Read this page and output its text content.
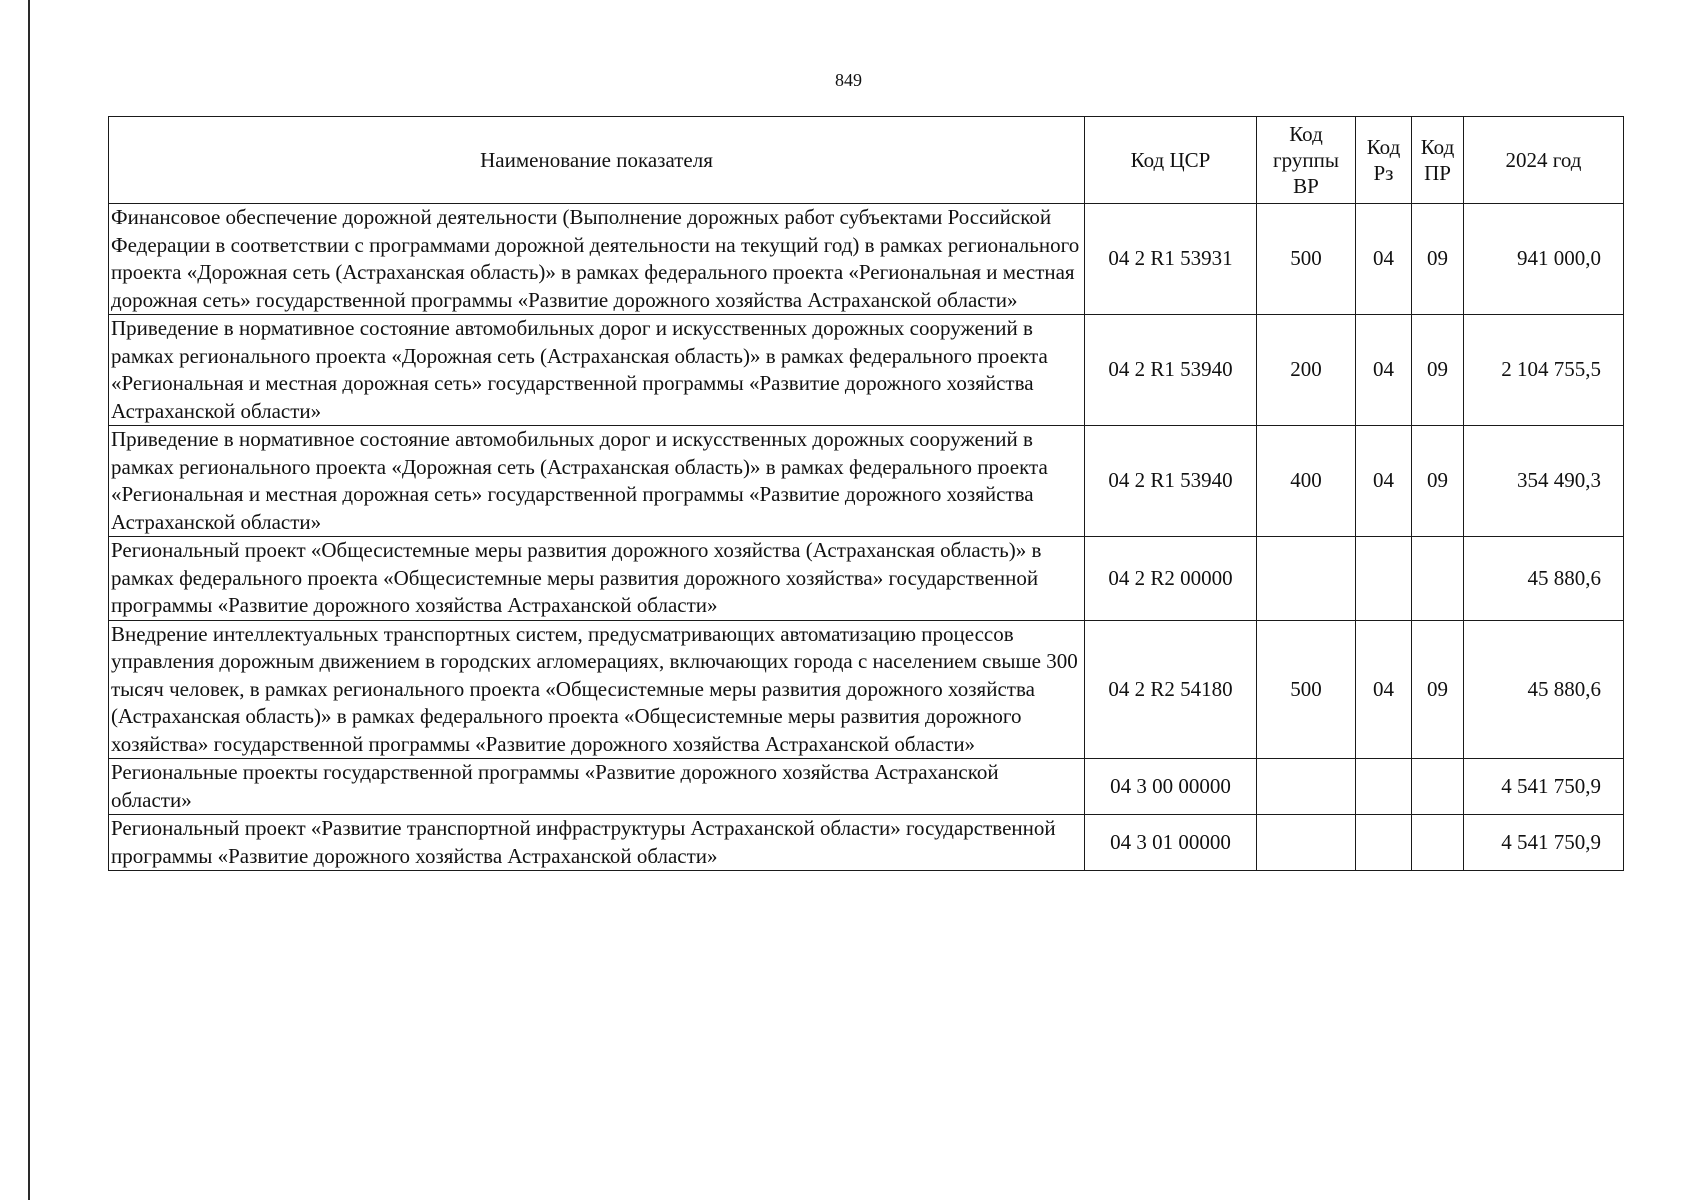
849
Наименование показателя	Код ЦСР	Код группы ВР	Код Рз	Код ПР	2024 год
Финансовое обеспечение дорожной деятельности (Выполнение дорожных работ субъектами Российской Федерации в соответствии с программами дорожной деятельности на текущий год) в рамках регионального проекта «Дорожная сеть (Астраханская область)» в рамках федерального проекта «Региональная и местная дорожная сеть» государственной программы «Развитие дорожного хозяйства Астраханской области»	04 2 R1 53931	500	04	09	941 000,0
Приведение в нормативное состояние автомобильных дорог и искусственных дорожных сооружений в рамках регионального проекта «Дорожная сеть (Астраханская область)» в рамках федерального проекта «Региональная и местная дорожная сеть» государственной программы «Развитие дорожного хозяйства Астраханской области»	04 2 R1 53940	200	04	09	2 104 755,5
Приведение в нормативное состояние автомобильных дорог и искусственных дорожных сооружений в рамках регионального проекта «Дорожная сеть (Астраханская область)» в рамках федерального проекта «Региональная и местная дорожная сеть» государственной программы «Развитие дорожного хозяйства Астраханской области»	04 2 R1 53940	400	04	09	354 490,3
Региональный проект «Общесистемные меры развития дорожного хозяйства (Астраханская область)» в рамках федерального проекта «Общесистемные меры развития дорожного хозяйства» государственной программы «Развитие дорожного хозяйства Астраханской области»	04 2 R2 00000				45 880,6
Внедрение интеллектуальных транспортных систем, предусматривающих автоматизацию процессов управления дорожным движением в городских агломерациях, включающих города с населением свыше 300 тысяч человек, в рамках регионального проекта «Общесистемные меры развития дорожного хозяйства (Астраханская область)» в рамках федерального проекта «Общесистемные меры развития дорожного хозяйства» государственной программы «Развитие дорожного хозяйства Астраханской области»	04 2 R2 54180	500	04	09	45 880,6
Региональные проекты государственной программы «Развитие дорожного хозяйства Астраханской области»	04 3 00 00000				4 541 750,9
Региональный проект «Развитие транспортной инфраструктуры Астраханской области» государственной программы «Развитие дорожного хозяйства Астраханской области»	04 3 01 00000				4 541 750,9
